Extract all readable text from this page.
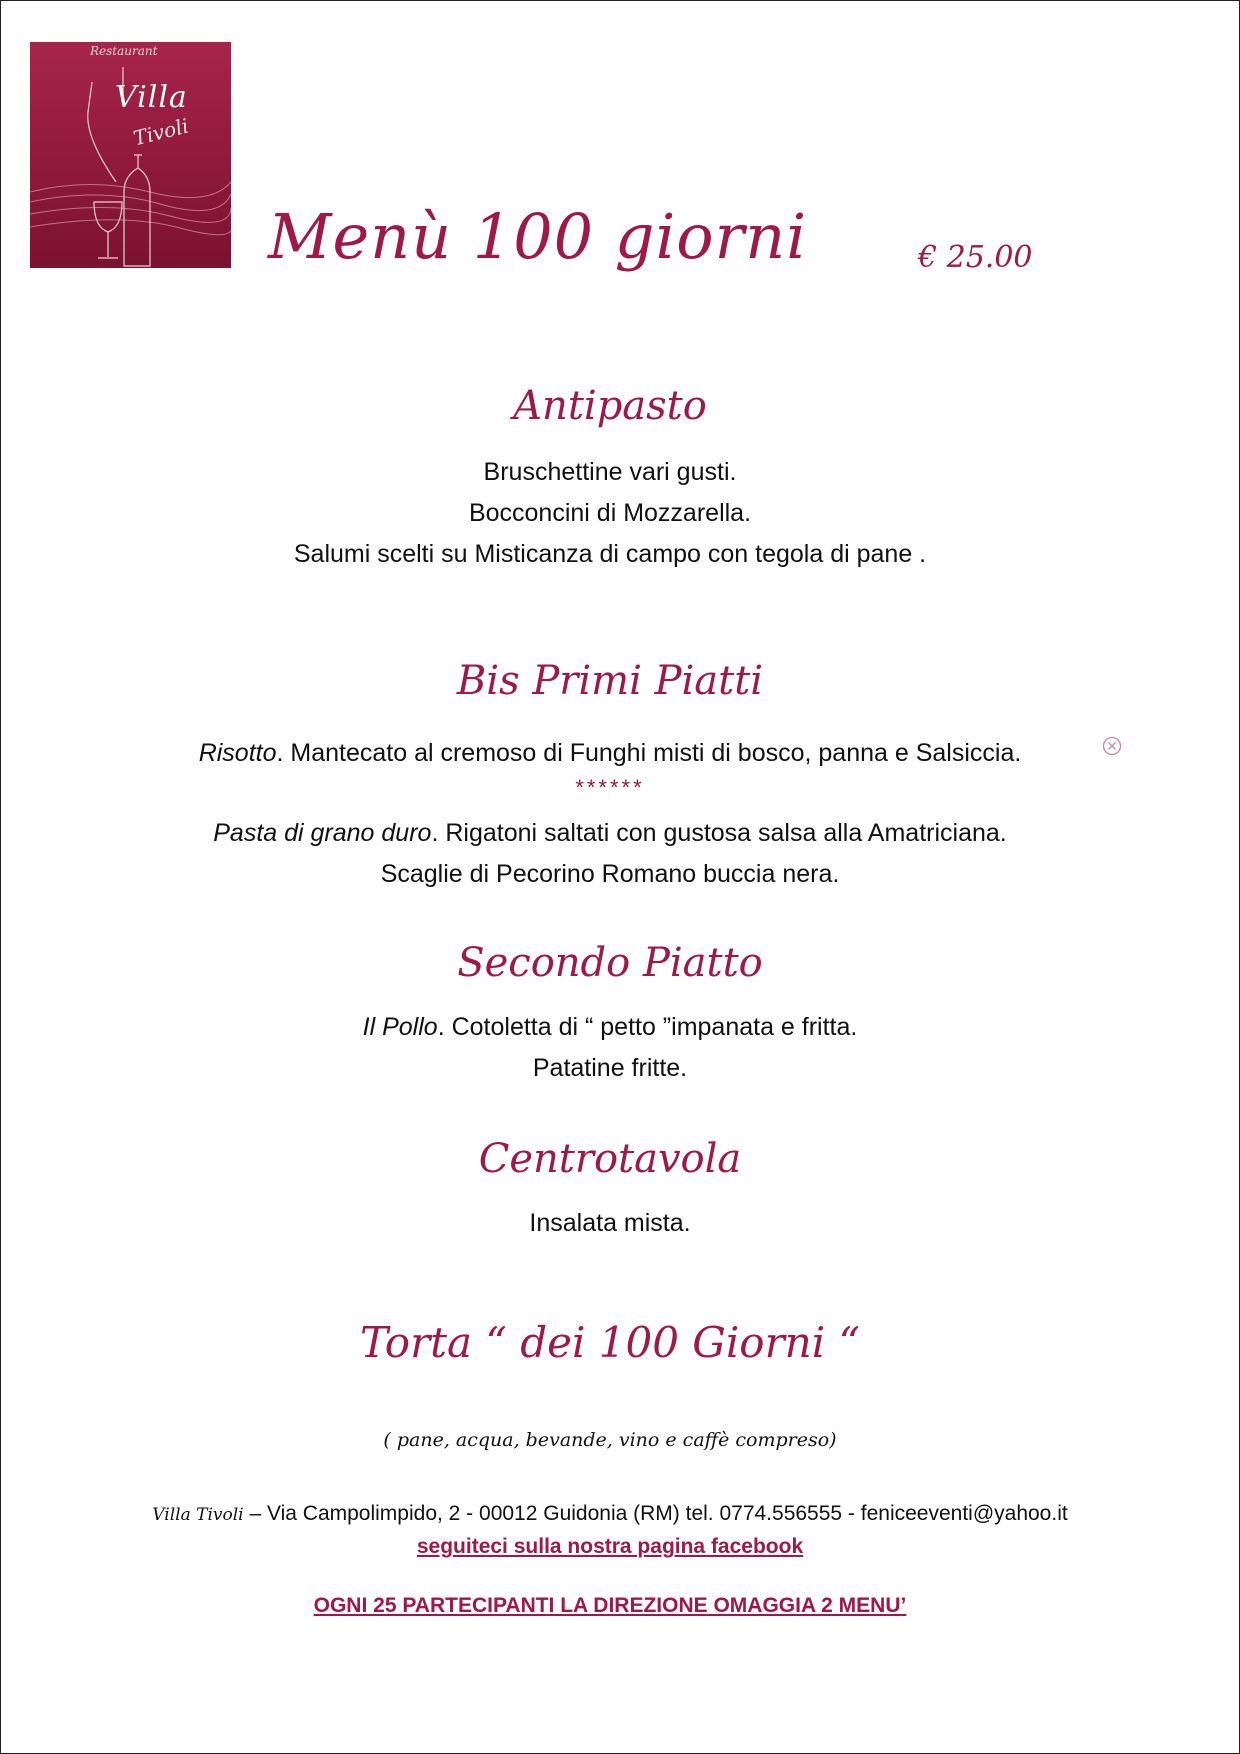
Restaurant
Villa
Tivoli
Menù 100 giorni	€ 25.00
Antipasto
Bruschettine vari gusti.
Bocconcini di Mozzarella.
Salumi scelti su Misticanza di campo con tegola di pane .
Bis Primi Piatti
Risotto. Mantecato al cremoso di Funghi misti di bosco, panna e Salsiccia.
******
Pasta di grano duro. Rigatoni saltati con gustosa salsa alla Amatriciana.
Scaglie di Pecorino Romano buccia nera.
Secondo Piatto
Il Pollo. Cotoletta di “ petto ”impanata e fritta.
Patatine fritte.
Centrotavola
Insalata mista.
Torta “ dei 100 Giorni “
( pane, acqua, bevande, vino e caffè compreso)
Villa Tivoli – Via Campolimpido, 2 - 00012 Guidonia (RM) tel. 0774.556555 - feniceeventi@yahoo.it
seguiteci sulla nostra pagina facebook
OGNI 25 PARTECIPANTI LA DIREZIONE OMAGGIA 2 MENU’
